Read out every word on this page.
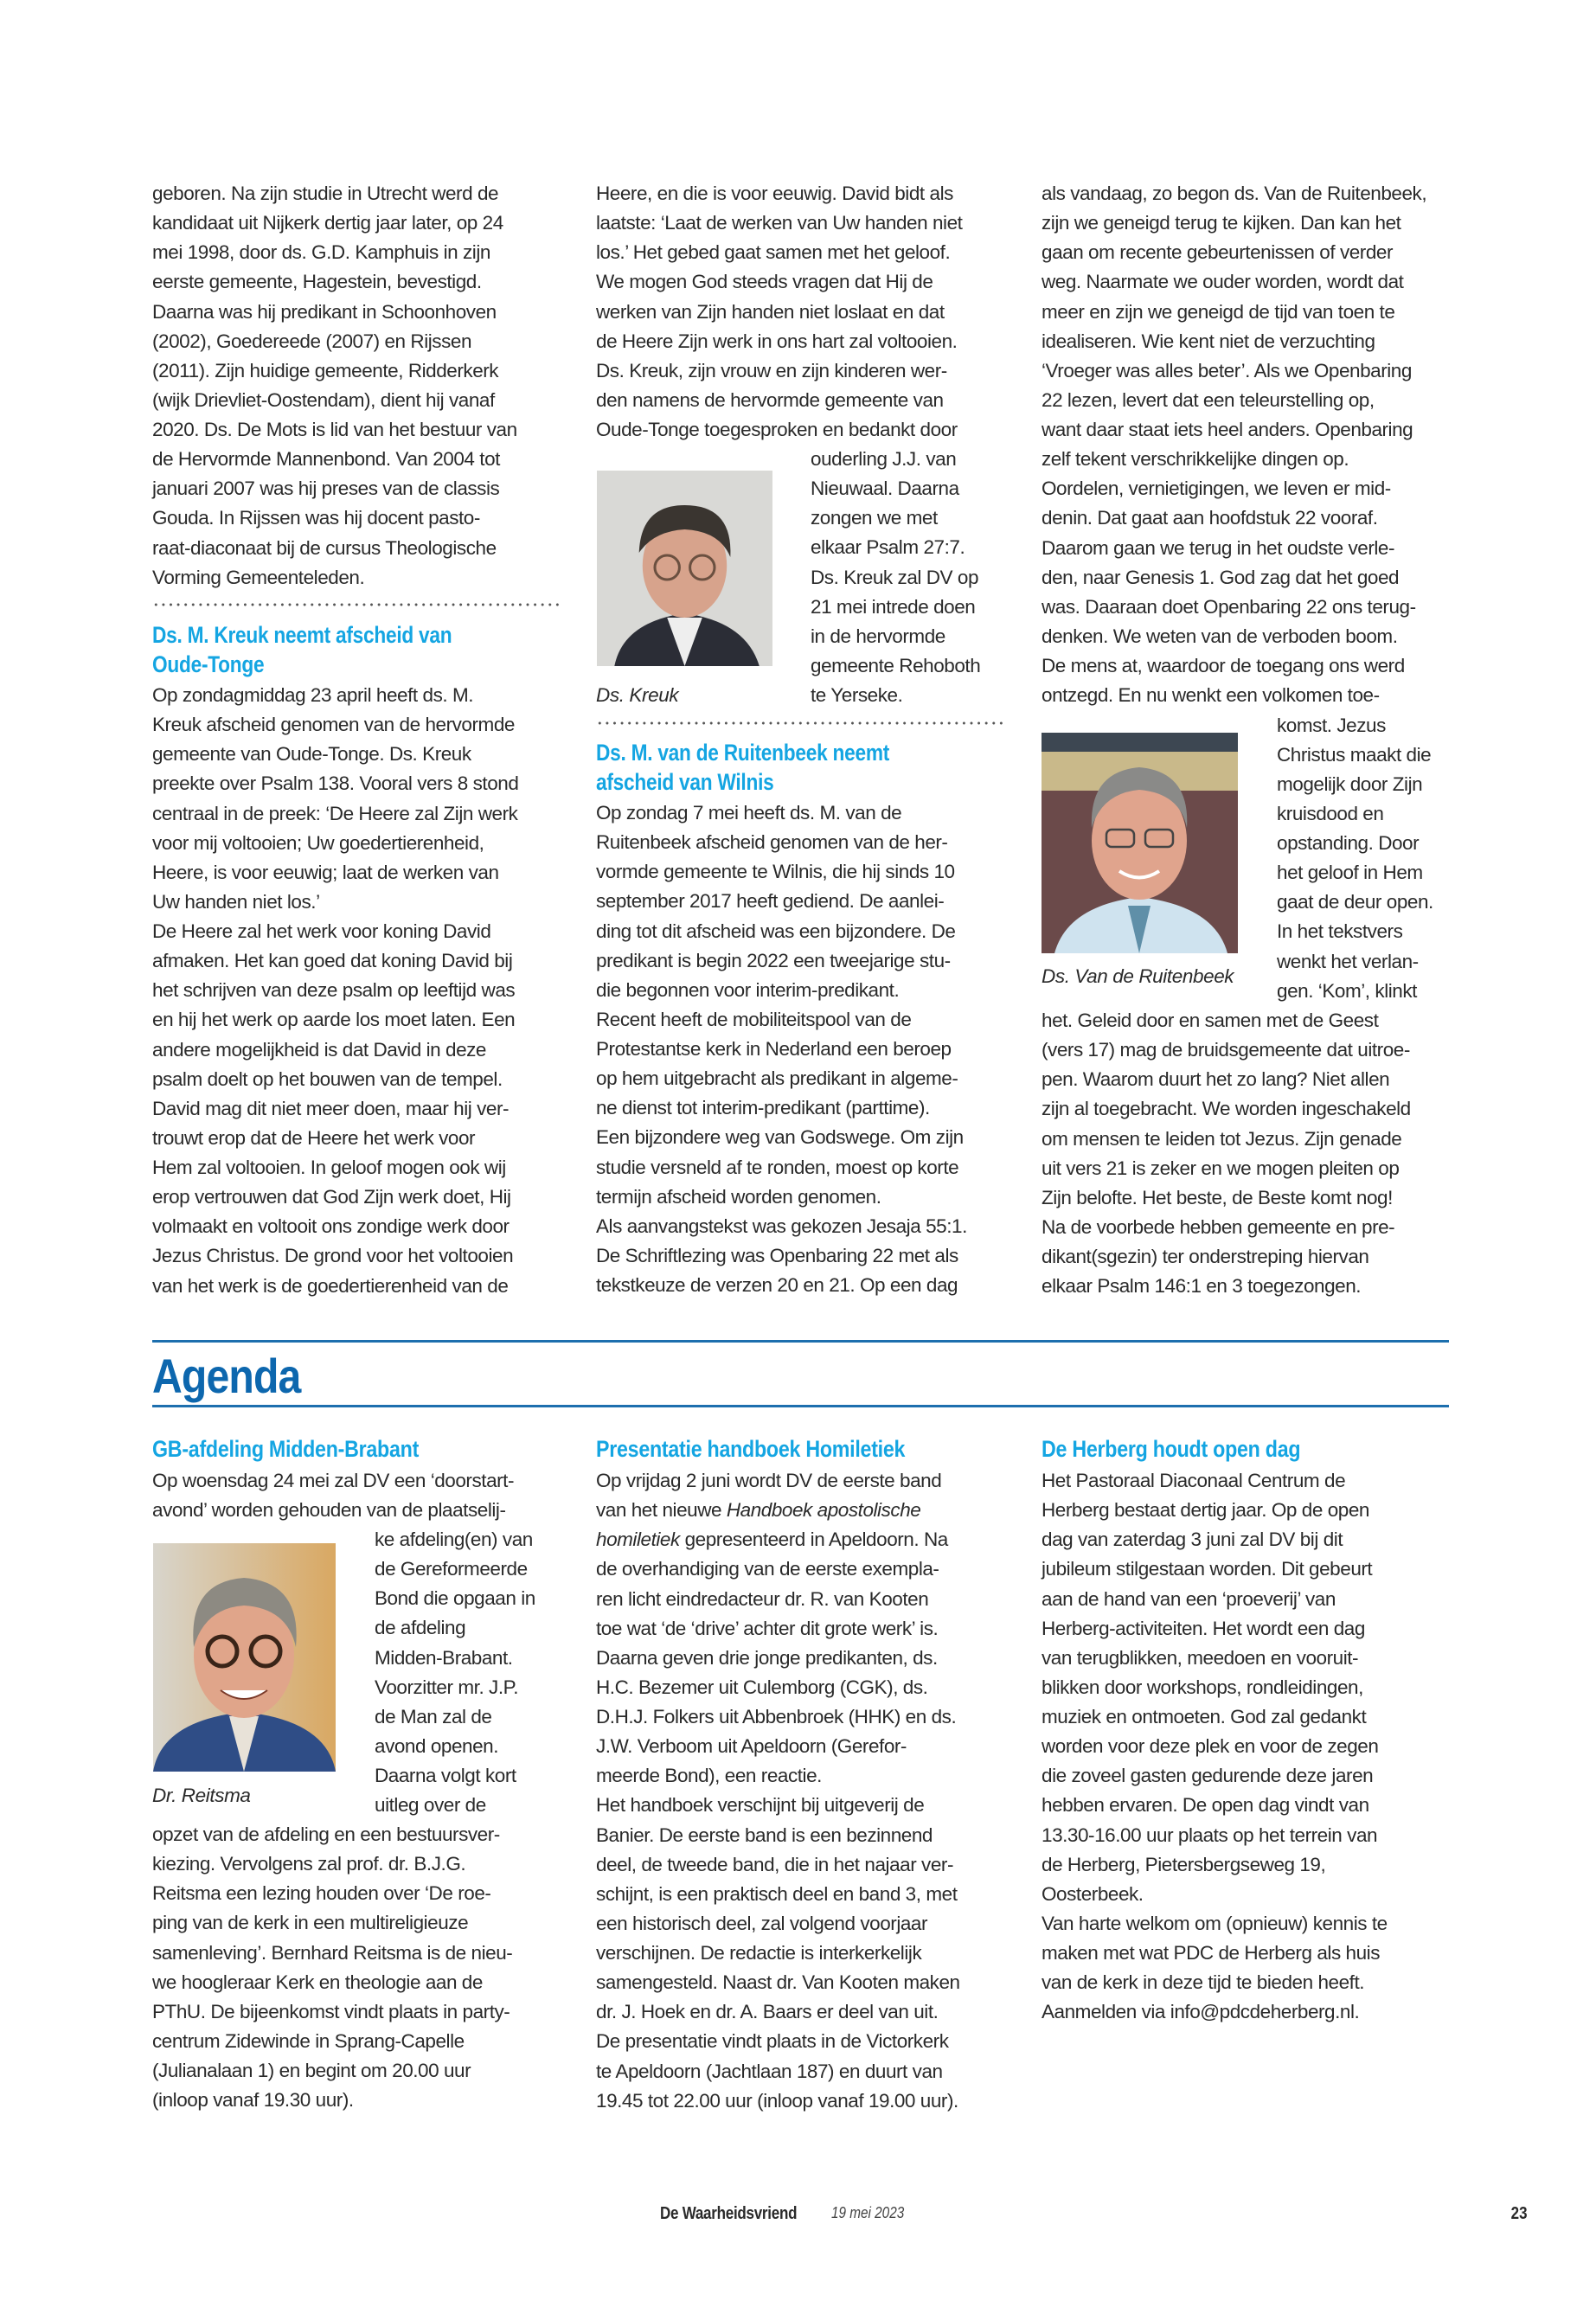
geboren. Na zijn studie in Utrecht werd de
kandidaat uit Nijkerk dertig jaar later, op 24
mei 1998, door ds. G.D. Kamphuis in zijn
eerste gemeente, Hagestein, bevestigd.
Daarna was hij predikant in Schoonhoven
(2002), Goedereede (2007) en Rijssen
(2011). Zijn huidige gemeente, Ridderkerk
(wijk Drievliet-Oostendam), dient hij vanaf
2020. Ds. De Mots is lid van het bestuur van
de Hervormde Mannenbond. Van 2004 tot
januari 2007 was hij preses van de classis
Gouda. In Rijssen was hij docent pasto-
raat-diaconaat bij de cursus Theologische
Vorming Gemeenteleden.
Ds. M. Kreuk neemt afscheid van
Oude-Tonge
Op zondagmiddag 23 april heeft ds. M.
Kreuk afscheid genomen van de hervormde
gemeente van Oude-Tonge. Ds. Kreuk
preekte over Psalm 138. Vooral vers 8 stond
centraal in de preek: ‘De Heere zal Zijn werk
voor mij voltooien; Uw goedertierenheid,
Heere, is voor eeuwig; laat de werken van
Uw handen niet los.’
De Heere zal het werk voor koning David
afmaken. Het kan goed dat koning David bij
het schrijven van deze psalm op leeftijd was
en hij het werk op aarde los moet laten. Een
andere mogelijkheid is dat David in deze
psalm doelt op het bouwen van de tempel.
David mag dit niet meer doen, maar hij ver-
trouwt erop dat de Heere het werk voor
Hem zal voltooien. In geloof mogen ook wij
erop vertrouwen dat God Zijn werk doet, Hij
volmaakt en voltooit ons zondige werk door
Jezus Christus. De grond voor het voltooien
van het werk is de goedertierenheid van de
Heere, en die is voor eeuwig. David bidt als
laatste: ‘Laat de werken van Uw handen niet
los.’ Het gebed gaat samen met het geloof.
We mogen God steeds vragen dat Hij de
werken van Zijn handen niet loslaat en dat
de Heere Zijn werk in ons hart zal voltooien.
Ds. Kreuk, zijn vrouw en zijn kinderen wer-
den namens de hervormde gemeente van
Oude-Tonge toegesproken en bedankt door
ouderling J.J. van
Nieuwaal. Daarna
zongen we met
elkaar Psalm 27:7.
Ds. Kreuk zal DV op
21 mei intrede doen
in de hervormde
gemeente Rehoboth
te Yerseke.
Ds. Kreuk
Ds. M. van de Ruitenbeek neemt
afscheid van Wilnis
Op zondag 7 mei heeft ds. M. van de
Ruitenbeek afscheid genomen van de her-
vormde gemeente te Wilnis, die hij sinds 10
september 2017 heeft gediend. De aanlei-
ding tot dit afscheid was een bijzondere. De
predikant is begin 2022 een tweejarige stu-
die begonnen voor interim-predikant.
Recent heeft de mobiliteitspool van de
Protestantse kerk in Nederland een beroep
op hem uitgebracht als predikant in algeme-
ne dienst tot interim-predikant (parttime).
Een bijzondere weg van Godswege. Om zijn
studie versneld af te ronden, moest op korte
termijn afscheid worden genomen.
Als aanvangstekst was gekozen Jesaja 55:1.
De Schriftlezing was Openbaring 22 met als
tekstkeuze de verzen 20 en 21. Op een dag
als vandaag, zo begon ds. Van de Ruitenbeek,
zijn we geneigd terug te kijken. Dan kan het
gaan om recente gebeurtenissen of verder
weg. Naarmate we ouder worden, wordt dat
meer en zijn we geneigd de tijd van toen te
idealiseren. Wie kent niet de verzuchting
‘Vroeger was alles beter’. Als we Openbaring
22 lezen, levert dat een teleurstelling op,
want daar staat iets heel anders. Openbaring
zelf tekent verschrikkelijke dingen op.
Oordelen, vernietigingen, we leven er mid-
denin. Dat gaat aan hoofdstuk 22 vooraf.
Daarom gaan we terug in het oudste verle-
den, naar Genesis 1. God zag dat het goed
was. Daaraan doet Openbaring 22 ons terug-
denken. We weten van de verboden boom.
De mens at, waardoor de toegang ons werd
ontzegd. En nu wenkt een volkomen toe-
komst. Jezus
Christus maakt die
mogelijk door Zijn
kruisdood en
opstanding. Door
het geloof in Hem
gaat de deur open.
In het tekstvers
wenkt het verlan-
gen. ‘Kom’, klinkt
Ds. Van de Ruitenbeek
het. Geleid door en samen met de Geest
(vers 17) mag de bruidsgemeente dat uitroe-
pen. Waarom duurt het zo lang? Niet allen
zijn al toegebracht. We worden ingeschakeld
om mensen te leiden tot Jezus. Zijn genade
uit vers 21 is zeker en we mogen pleiten op
Zijn belofte. Het beste, de Beste komt nog!
Na de voorbede hebben gemeente en pre-
dikant(sgezin) ter onderstreping hiervan
elkaar Psalm 146:1 en 3 toegezongen.
Agenda
GB-afdeling Midden-Brabant
Op woensdag 24 mei zal DV een ‘doorstart-
avond’ worden gehouden van de plaatselij-
ke afdeling(en) van
de Gereformeerde
Bond die opgaan in
de afdeling
Midden-Brabant.
Voorzitter mr. J.P.
de Man zal de
avond openen.
Daarna volgt kort
uitleg over de
Dr. Reitsma
opzet van de afdeling en een bestuursver-
kiezing. Vervolgens zal prof. dr. B.J.G.
Reitsma een lezing houden over ‘De roe-
ping van de kerk in een multireligieuze
samenleving’. Bernhard Reitsma is de nieu-
we hoogleraar Kerk en theologie aan de
PThU. De bijeenkomst vindt plaats in party-
centrum Zidewinde in Sprang-Capelle
(Julianalaan 1) en begint om 20.00 uur
(inloop vanaf 19.30 uur).
Presentatie handboek Homiletiek
Op vrijdag 2 juni wordt DV de eerste band
van het nieuwe Handboek apostolische
homiletiek gepresenteerd in Apeldoorn. Na
de overhandiging van de eerste exempla-
ren licht eindredacteur dr. R. van Kooten
toe wat ‘de ‘drive’ achter dit grote werk’ is.
Daarna geven drie jonge predikanten, ds.
H.C. Bezemer uit Culemborg (CGK), ds.
D.H.J. Folkers uit Abbenbroek (HHK) en ds.
J.W. Verboom uit Apeldoorn (Gerefor-
meerde Bond), een reactie.
Het handboek verschijnt bij uitgeverij de
Banier. De eerste band is een bezinnend
deel, de tweede band, die in het najaar ver-
schijnt, is een praktisch deel en band 3, met
een historisch deel, zal volgend voorjaar
verschijnen. De redactie is interkerkelijk
samengesteld. Naast dr. Van Kooten maken
dr. J. Hoek en dr. A. Baars er deel van uit.
De presentatie vindt plaats in de Victorkerk
te Apeldoorn (Jachtlaan 187) en duurt van
19.45 tot 22.00 uur (inloop vanaf 19.00 uur).
De Herberg houdt open dag
Het Pastoraal Diaconaal Centrum de
Herberg bestaat dertig jaar. Op de open
dag van zaterdag 3 juni zal DV bij dit
jubileum stilgestaan worden. Dit gebeurt
aan de hand van een ‘proeverij’ van
Herberg-activiteiten. Het wordt een dag
van terugblikken, meedoen en vooruit-
blikken door workshops, rondleidingen,
muziek en ontmoeten. God zal gedankt
worden voor deze plek en voor de zegen
die zoveel gasten gedurende deze jaren
hebben ervaren. De open dag vindt van
13.30-16.00 uur plaats op het terrein van
de Herberg, Pietersbergseweg 19,
Oosterbeek.
Van harte welkom om (opnieuw) kennis te
maken met wat PDC de Herberg als huis
van de kerk in deze tijd te bieden heeft.
Aanmelden via info@pdcdeherberg.nl.
De Waarheidsvriend 19 mei 2023	23
